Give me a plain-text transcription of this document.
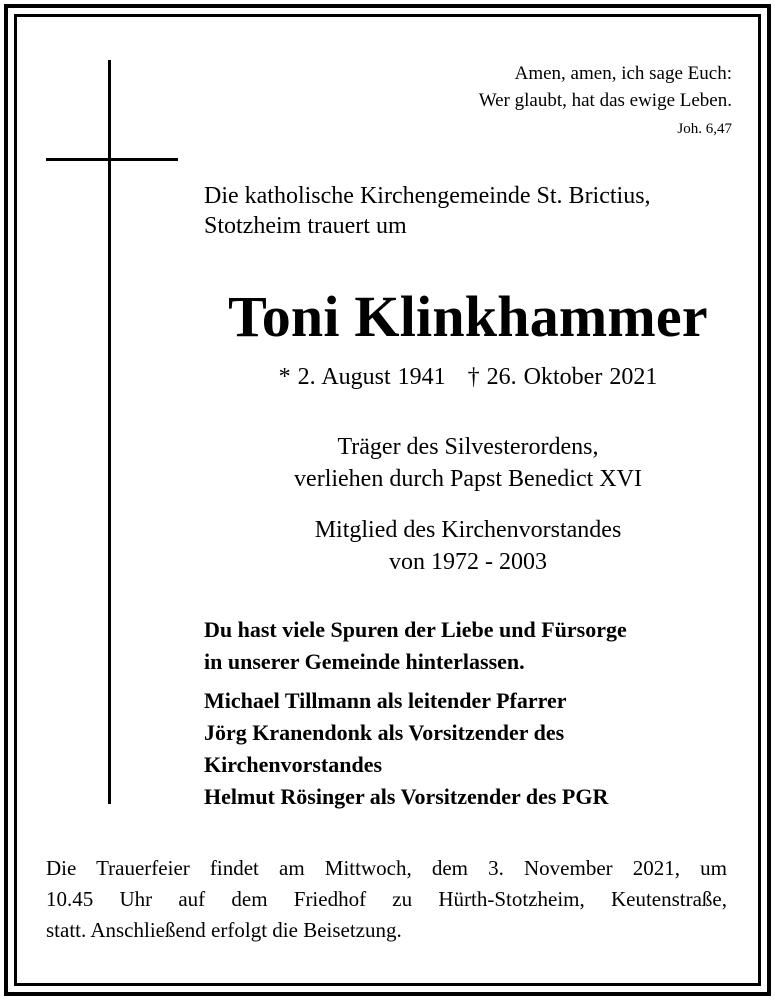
Amen, amen, ich sage Euch:
Wer glaubt, hat das ewige Leben.
Joh. 6,47
Die katholische Kirchengemeinde St. Brictius,
Stotzheim trauert um
Toni Klinkhammer
* 2. August 1941 † 26. Oktober 2021
Träger des Silvesterordens,
verliehen durch Papst Benedict XVI
Mitglied des Kirchenvorstandes
von 1972 - 2003
Du hast viele Spuren der Liebe und Fürsorge
in unserer Gemeinde hinterlassen.
Michael Tillmann als leitender Pfarrer
Jörg Kranendonk als Vorsitzender des
Kirchenvorstandes
Helmut Rösinger als Vorsitzender des PGR
Die Trauerfeier findet am Mittwoch, dem 3. November 2021, um
10.45 Uhr auf dem Friedhof zu Hürth-Stotzheim, Keutenstraße,
statt. Anschließend erfolgt die Beisetzung.
